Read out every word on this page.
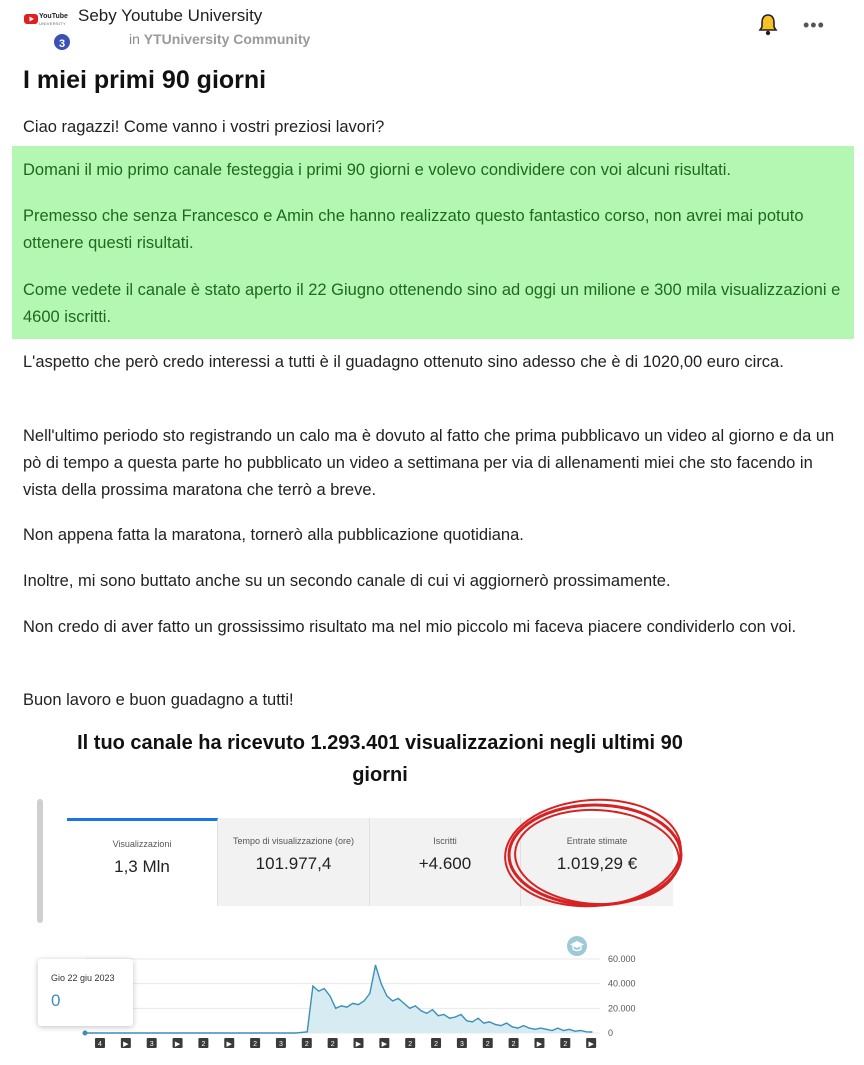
YouTube
UNIVERSITY
3
Seby Youtube University
in YTUniversity Community
•••
I miei primi 90 giorni
Ciao ragazzi! Come vanno i vostri preziosi lavori?
Domani il mio primo canale festeggia i primi 90 giorni e volevo condividere con voi alcuni risultati.
Premesso che senza Francesco e Amin che hanno realizzato questo fantastico corso, non avrei mai potuto ottenere questi risultati.
Come vedete il canale è stato aperto il 22 Giugno ottenendo sino ad oggi un milione e 300 mila visualizzazioni e 4600 iscritti.
L'aspetto che però credo interessi a tutti è il guadagno ottenuto sino adesso che è di 1020,00 euro circa.
Nell'ultimo periodo sto registrando un calo ma è dovuto al fatto che prima pubblicavo un video al giorno e da un pò di tempo a questa parte ho pubblicato un video a settimana per via di allenamenti miei che sto facendo in vista della prossima maratona che terrò a breve.
Non appena fatta la maratona, tornerò alla pubblicazione quotidiana.
Inoltre, mi sono buttato anche su un secondo canale di cui vi aggiornerò prossimamente.
Non credo di aver fatto un grossissimo risultato ma nel mio piccolo mi faceva piacere condividerlo con voi.
Buon lavoro e buon guadagno a tutti!
Il tuo canale ha ricevuto 1.293.401 visualizzazioni negli ultimi 90 giorni
Visualizzazioni
1,3 Mln
Tempo di visualizzazione (ore)
101.977,4
Iscritti
+4.600
Entrate stimate
1.019,29 €
60.000
40.000
20.000
0
4	▶	3	▶	2	▶	2	3	2	2	▶	▶	2	2	3	2	2	▶	2	▶
Gio 22 giu 2023
0
